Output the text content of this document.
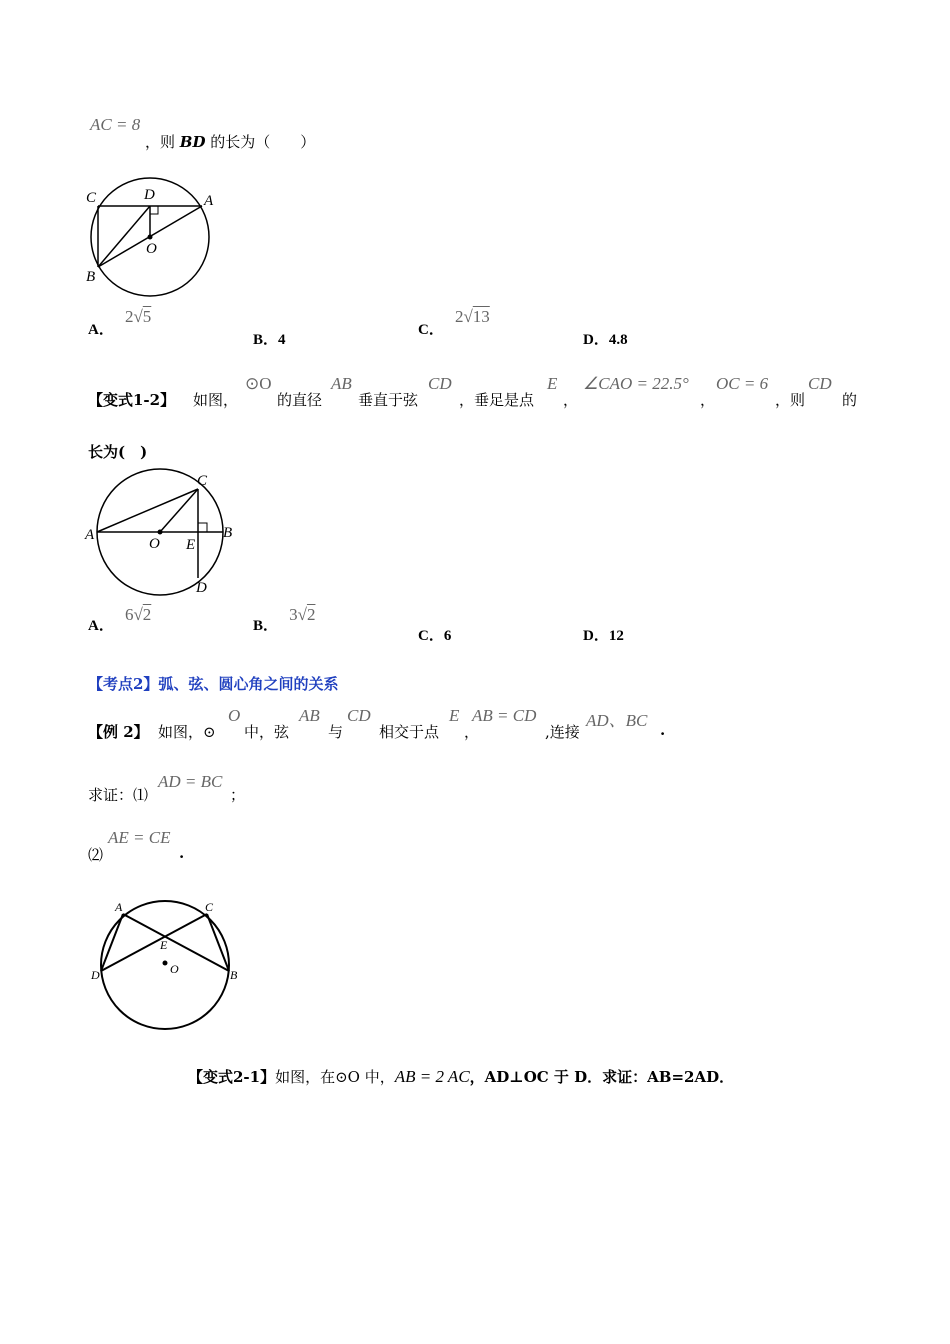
AC = 8
，则 BD 的长为（　　）
C	D	A
O
B
A． 2√5
B．4
C． 2√13
D．4.8
【变式1-2】 如图，
⊙O
的直径
AB
垂直于弦
CD
，垂足是点
E
，
∠CAO = 22.5°
，
OC = 6
，则
CD
的
长为(　)
A
O E
B
C
D
A． 6√2
B． 3√2
C．6	D．12
【考点2】弧、弦、圆心角之间的关系
【例 2】 如图，⊙
O
中，弦
AB
与
CD
相交于点
E
，
AB = CD
,连接
AD、BC .
求证：⑴
AD = BC
；
⑵
AE = CE
.
A	C
E
O
D	B
【变式2-1】如图，在⊙O 中，AB = 2 AC，AD⊥OC 于 D．求证：AB=2AD．
